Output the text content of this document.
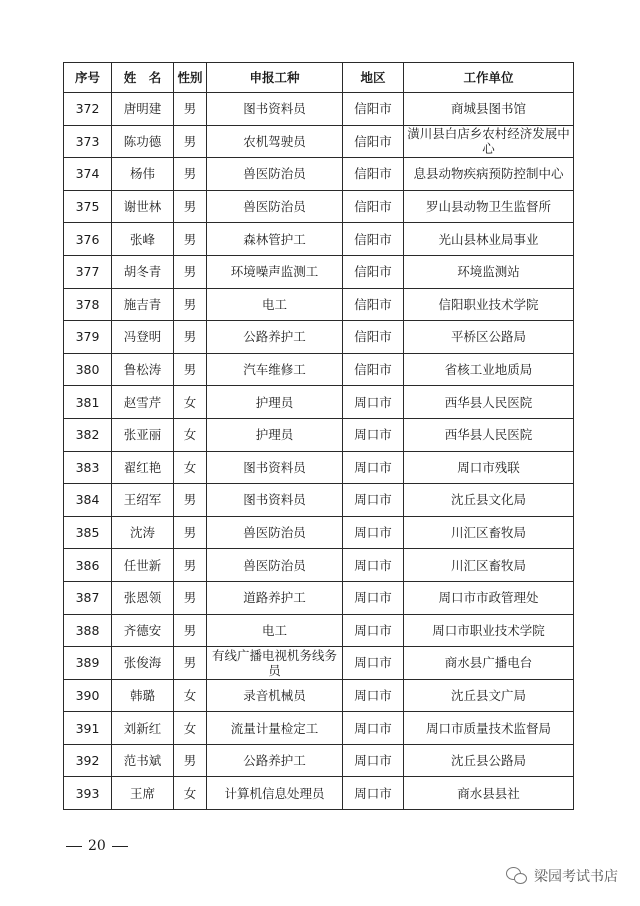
序号	姓　名	性别	申报工种	地区	工作单位
372	唐明建	男	图书资料员	信阳市	商城县图书馆
373	陈功德	男	农机驾驶员	信阳市	潢川县白店乡农村经济发展中心
374	杨伟	男	兽医防治员	信阳市	息县动物疾病预防控制中心
375	谢世林	男	兽医防治员	信阳市	罗山县动物卫生监督所
376	张峰	男	森林管护工	信阳市	光山县林业局事业
377	胡冬青	男	环境噪声监测工	信阳市	环境监测站
378	施吉青	男	电工	信阳市	信阳职业技术学院
379	冯登明	男	公路养护工	信阳市	平桥区公路局
380	鲁松涛	男	汽车维修工	信阳市	省核工业地质局
381	赵雪芹	女	护理员	周口市	西华县人民医院
382	张亚丽	女	护理员	周口市	西华县人民医院
383	翟红艳	女	图书资料员	周口市	周口市残联
384	王绍军	男	图书资料员	周口市	沈丘县文化局
385	沈涛	男	兽医防治员	周口市	川汇区畜牧局
386	任世新	男	兽医防治员	周口市	川汇区畜牧局
387	张恩领	男	道路养护工	周口市	周口市市政管理处
388	齐德安	男	电工	周口市	周口市职业技术学院
389	张俊海	男	有线广播电视机务线务员	周口市	商水县广播电台
390	韩璐	女	录音机械员	周口市	沈丘县文广局
391	刘新红	女	流量计量检定工	周口市	周口市质量技术监督局
392	范书斌	男	公路养护工	周口市	沈丘县公路局
393	王席	女	计算机信息处理员	周口市	商水县县社
20
梁园考试书店
